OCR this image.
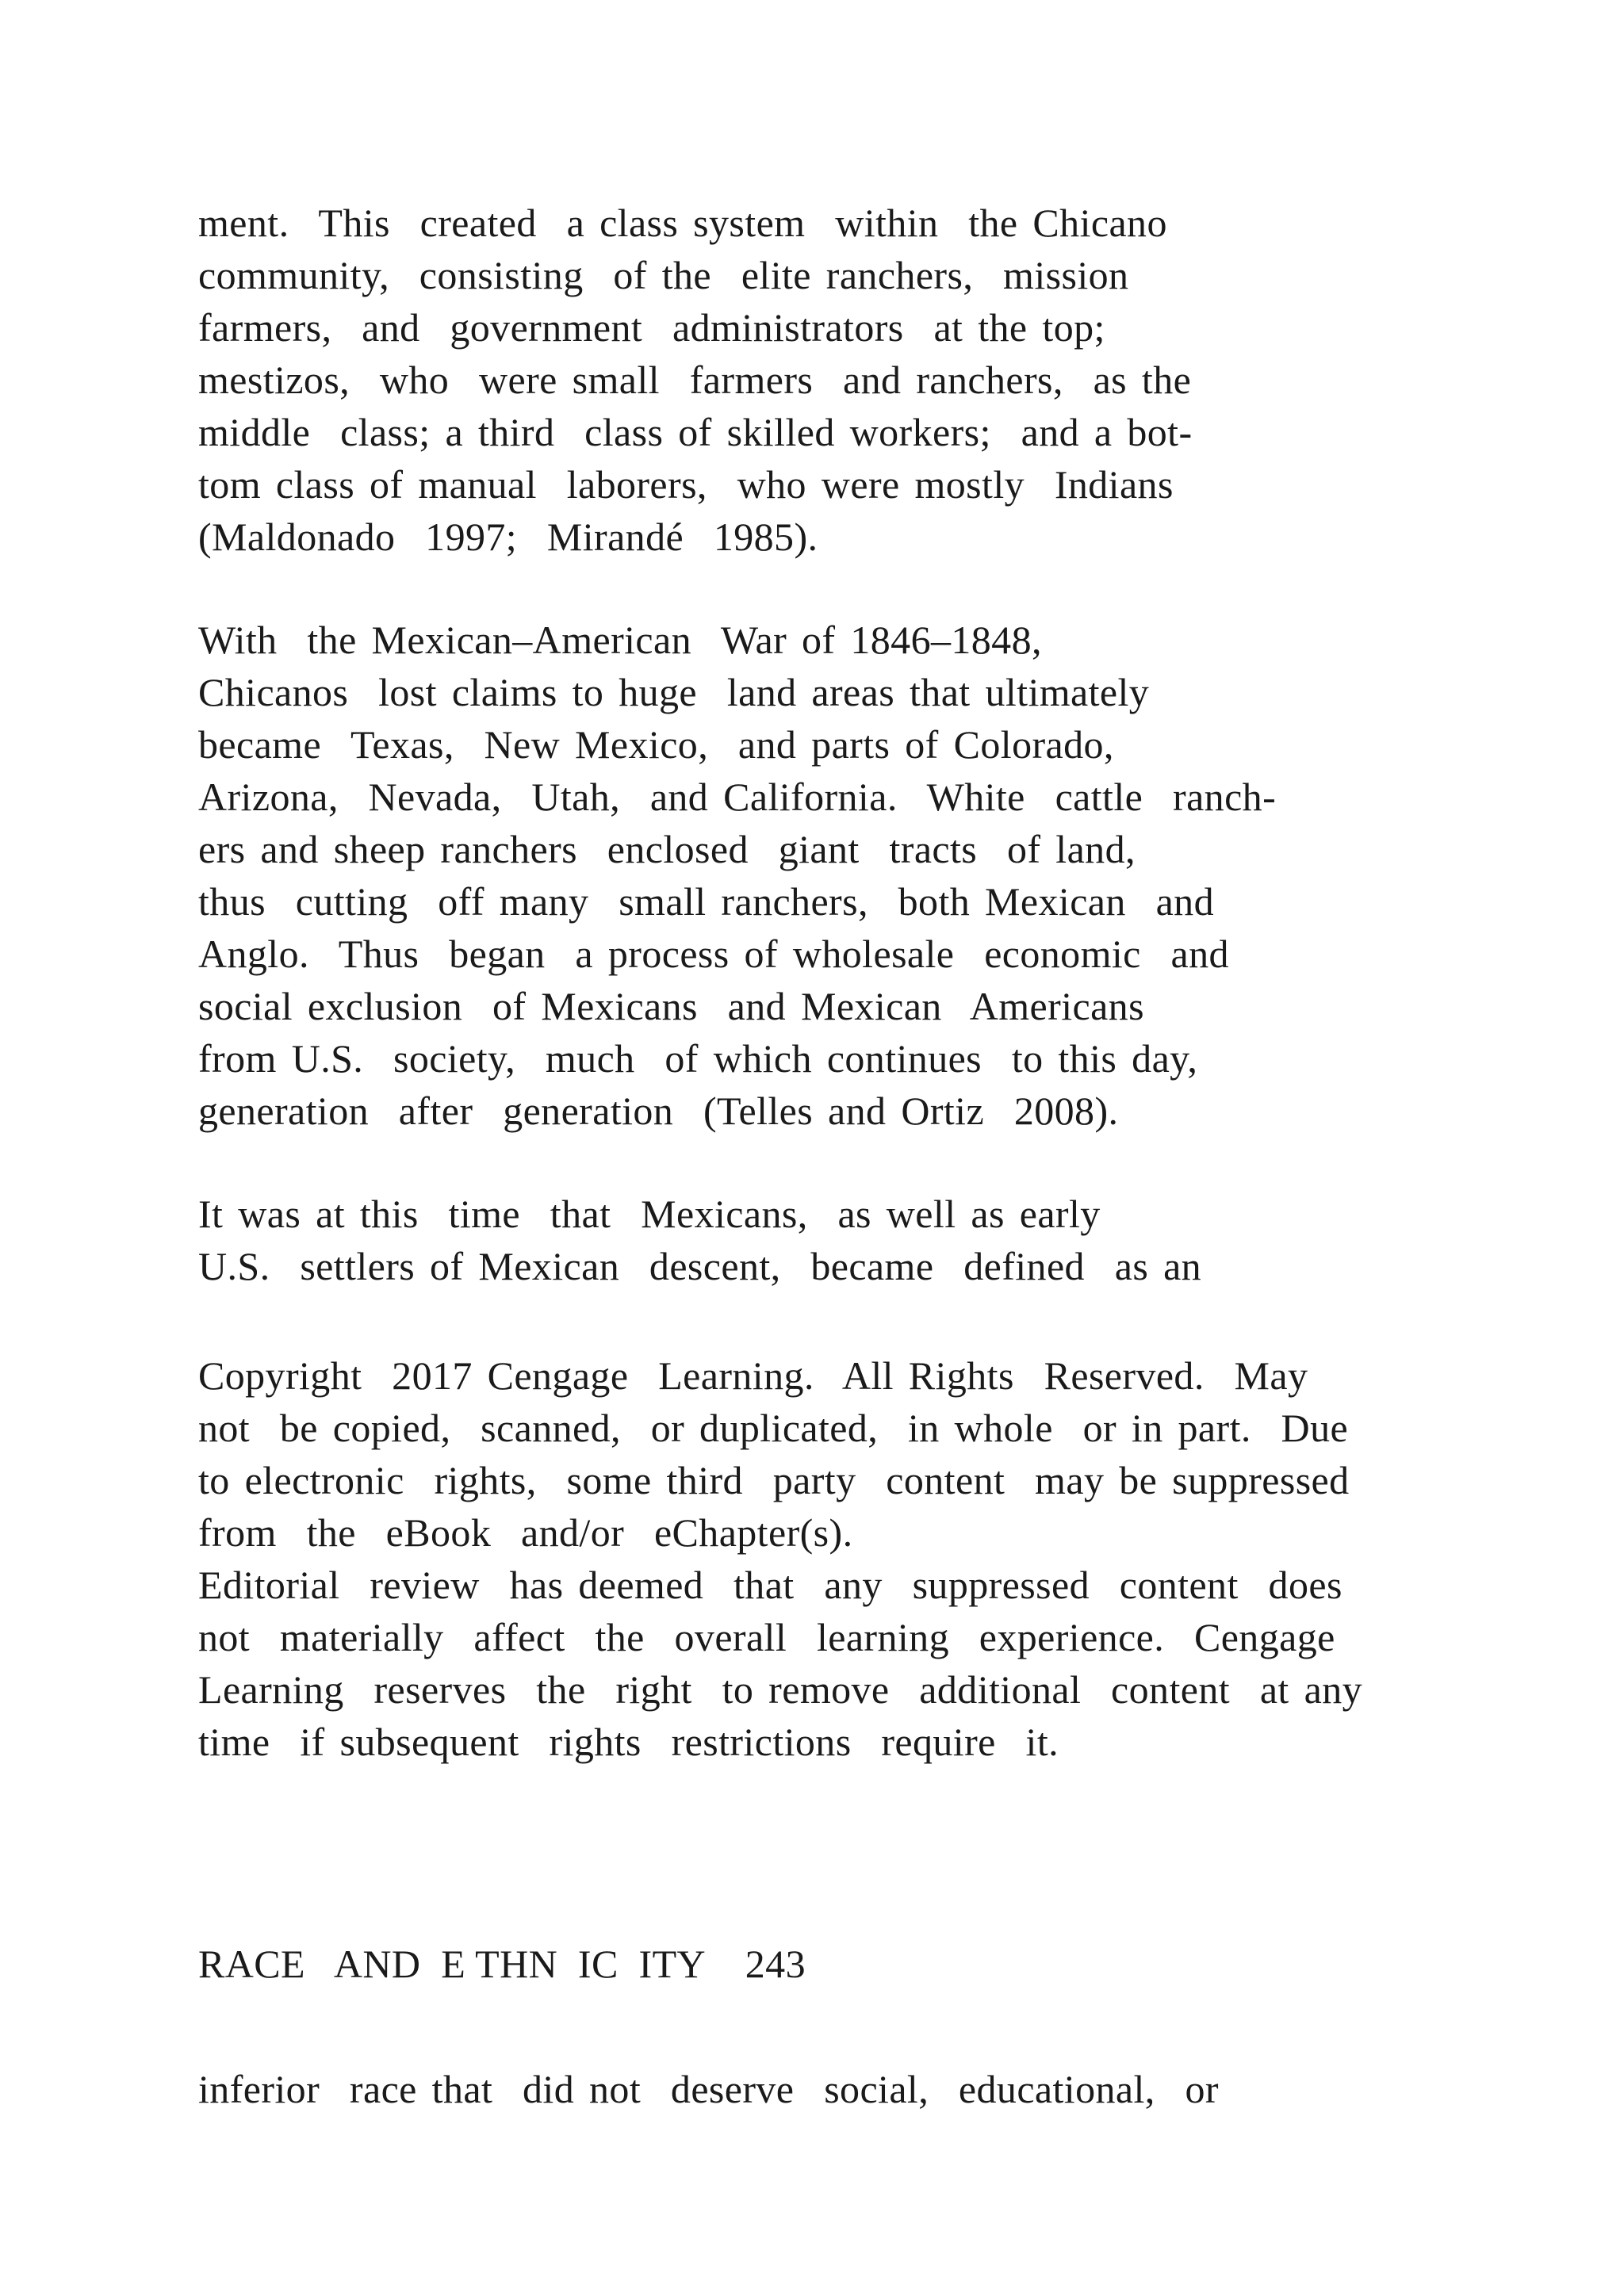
ment.  This  created  a class system  within  the Chicano
community,  consisting  of the  elite ranchers,  mission
farmers,  and  government  administrators  at the top;
mestizos,  who  were small  farmers  and ranchers,  as the
middle  class; a third  class of skilled workers;  and a bot-
tom class of manual  laborers,  who were mostly  Indians
(Maldonado  1997;  Mirandé  1985).
With  the Mexican–American  War of 1846–1848,
Chicanos  lost claims to huge  land areas that ultimately
became  Texas,  New Mexico,  and parts of Colorado,
Arizona,  Nevada,  Utah,  and California.  White  cattle  ranch-
ers and sheep ranchers  enclosed  giant  tracts  of land,
thus  cutting  off many  small ranchers,  both Mexican  and
Anglo.  Thus  began  a process of wholesale  economic  and
social exclusion  of Mexicans  and Mexican  Americans
from U.S.  society,  much  of which continues  to this day,
generation  after  generation  (Telles and Ortiz  2008).
It was at this  time  that  Mexicans,  as well as early
U.S.  settlers of Mexican  descent,  became  defined  as an
Copyright  2017 Cengage  Learning.  All Rights  Reserved.  May
not  be copied,  scanned,  or duplicated,  in whole  or in part.  Due
to electronic  rights,  some third  party  content  may be suppressed
from  the  eBook  and/or  eChapter(s).
Editorial  review  has deemed  that  any  suppressed  content  does
not  materially  affect  the  overall  learning  experience.  Cengage
Learning  reserves  the  right  to remove  additional  content  at any
time  if subsequent  rights  restrictions  require  it.
RACE   AND  E THN  IC  ITY 243
inferior  race that  did not  deserve  social,  educational,  or
